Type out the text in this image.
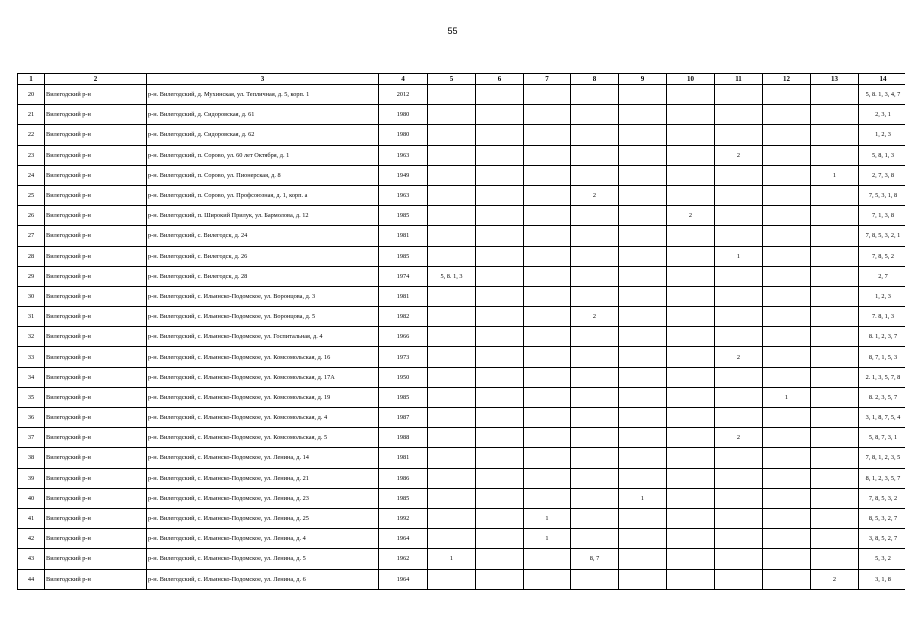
55
1	2	3	4	5	6	7	8	9	10	11	12	13	14
20	Вилегодский р-н	р-н. Вилегодский, д. Мухинская, ул. Тепличная, д. 5, корп. 1	2012										5, 8. 1, 3, 4, 7
21	Вилегодский р-н	р-н. Вилегодский, д. Сидоровская, д. 61	1980										2, 3, 1
22	Вилегодский р-н	р-н. Вилегодский, д. Сидоровская, д. 62	1980										1, 2, 3
23	Вилегодский р-н	р-н. Вилегодский, п. Сорово, ул. 60 лет Октября, д. 1	1963							2			5, 8, 1, 3
24	Вилегодский р-н	р-н. Вилегодский, п. Сорово, ул. Пионерская, д. 8	1949									1	2, 7, 3, 8
25	Вилегодский р-н	р-н. Вилегодский, п. Сорово, ул. Профсоюзная, д. 1, корп. а	1963				2						7, 5, 3, 1, 8
26	Вилегодский р-н	р-н. Вилегодский, п. Широкий Прилук, ул. Бармолова, д. 12	1985						2				7, 1, 3, 8
27	Вилегодский р-н	р-н. Вилегодский, с. Вилегодск, д. 24	1981										7, 8, 5, 3, 2, 1
28	Вилегодский р-н	р-н. Вилегодский, с. Вилегодск, д. 26	1985							1			7, 8, 5, 2
29	Вилегодский р-н	р-н. Вилегодский, с. Вилегодск, д. 28	1974	5, 8. 1, 3									2, 7
30	Вилегодский р-н	р-н. Вилегодский, с. Ильинско-Подомское, ул. Воронцова, д. 3	1981										1, 2, 3
31	Вилегодский р-н	р-н. Вилегодский, с. Ильинско-Подомское, ул. Воронцова, д. 5	1982				2						7. 8, 1, 3
32	Вилегодский р-н	р-н. Вилегодский, с. Ильинско-Подомское, ул. Госпитальная, д. 4	1966										8. 1, 2, 3, 7
33	Вилегодский р-н	р-н. Вилегодский, с. Ильинско-Подомское, ул. Комсомольская, д. 16	1973							2			8, 7, 1, 5, 3
34	Вилегодский р-н	р-н. Вилегодский, с. Ильинско-Подомское, ул. Комсомольская, д. 17А	1950										2. 1, 3, 5, 7, 8
35	Вилегодский р-н	р-н. Вилегодский, с. Ильинско-Подомское, ул. Комсомольская, д. 19	1985								1		8. 2, 3, 5, 7
36	Вилегодский р-н	р-н. Вилегодский, с. Ильинско-Подомское, ул. Комсомольская, д. 4	1987										3, 1, 8, 7, 5, 4
37	Вилегодский р-н	р-н. Вилегодский, с. Ильинско-Подомское, ул. Комсомольская, д. 5	1988							2			5, 8, 7, 3, 1
38	Вилегодский р-н	р-н. Вилегодский, с. Ильинско-Подомское, ул. Ленина, д. 14	1981										7, 8, 1, 2, 3, 5
39	Вилегодский р-н	р-н. Вилегодский, с. Ильинско-Подомское, ул. Ленина, д. 21	1986										8, 1, 2, 3, 5, 7
40	Вилегодский р-н	р-н. Вилегодский, с. Ильинско-Подомское, ул. Ленина, д. 23	1985					1					7, 8, 5, 3, 2
41	Вилегодский р-н	р-н. Вилегодский, с. Ильинско-Подомское, ул. Ленина, д. 25	1992			1							8, 5, 3, 2, 7
42	Вилегодский р-н	р-н. Вилегодский, с. Ильинско-Подомское, ул. Ленина, д. 4	1964			1							3, 8, 5, 2, 7
43	Вилегодский р-н	р-н. Вилегодский, с. Ильинско-Подомское, ул. Ленина, д. 5	1962	1			8, 7						5, 3, 2
44	Вилегодский р-н	р-н. Вилегодский, с. Ильинско-Подомское, ул. Ленина, д. 6	1964									2	3, 1, 8
